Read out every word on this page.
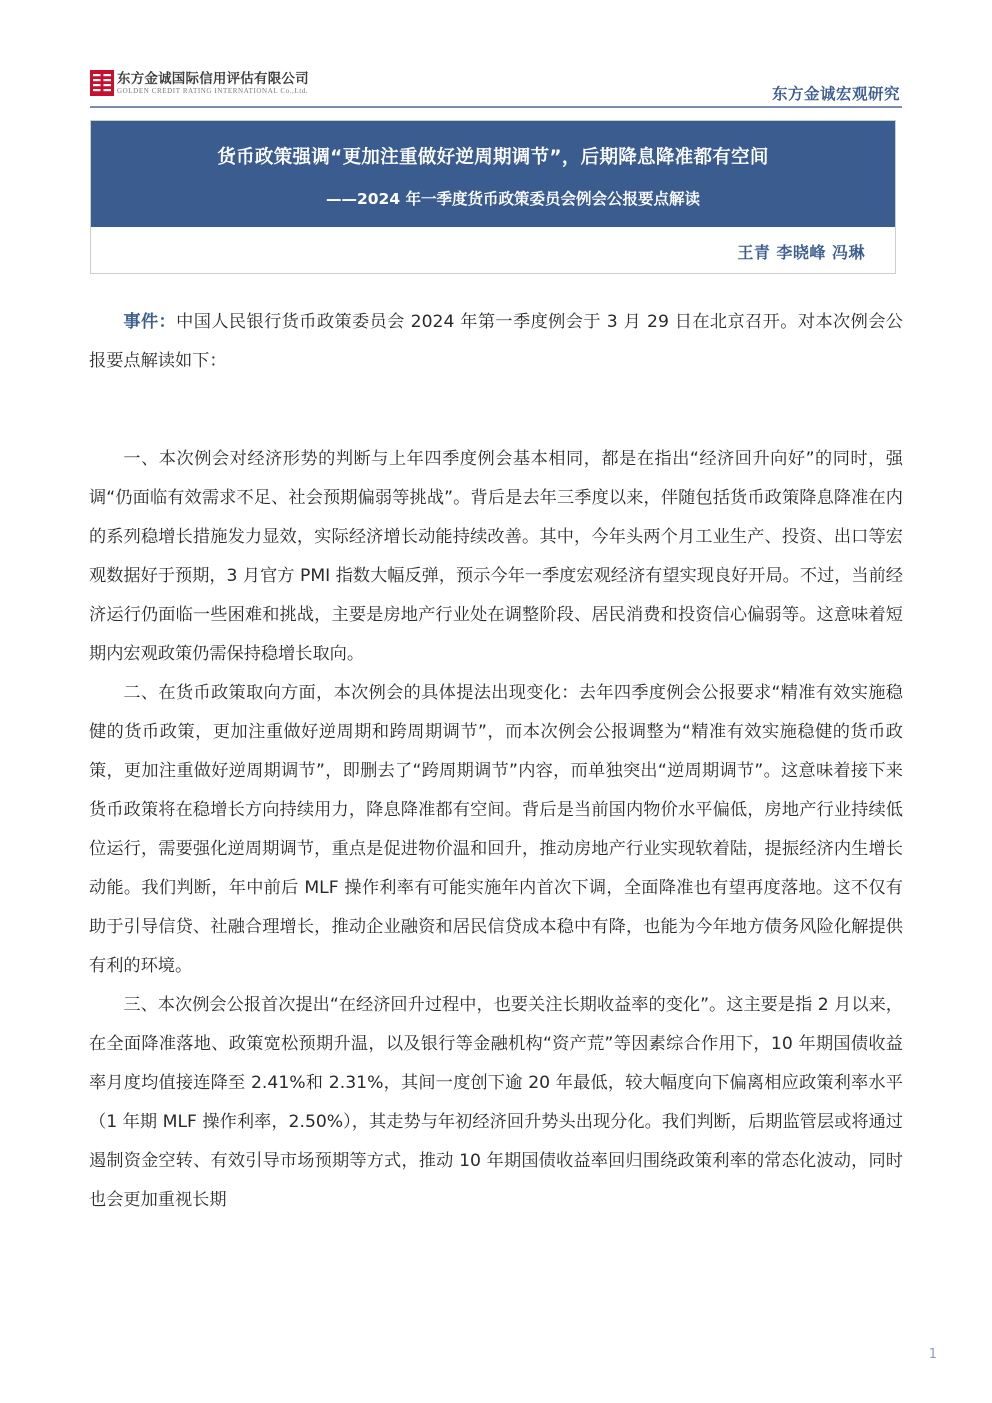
东方金诚国际信用评估有限公司
GOLDEN CREDIT RATING INTERNATIONAL Co.,Ltd.	东方金诚宏观研究
货币政策强调“更加注重做好逆周期调节”，后期降息降准都有空间
——2024 年一季度货币政策委员会例会公报要点解读
王青 李晓峰 冯琳

事件：中国人民银行货币政策委员会 2024 年第一季度例会于 3 月 29 日在北京召开。对本次例会公报要点解读如下：

一、本次例会对经济形势的判断与上年四季度例会基本相同，都是在指出“经济回升向好”的同时，强调“仍面临有效需求不足、社会预期偏弱等挑战”。背后是去年三季度以来，伴随包括货币政策降息降准在内的系列稳增长措施发力显效，实际经济增长动能持续改善。其中，今年头两个月工业生产、投资、出口等宏观数据好于预期，3 月官方 PMI 指数大幅反弹，预示今年一季度宏观经济有望实现良好开局。不过，当前经济运行仍面临一些困难和挑战，主要是房地产行业处在调整阶段、居民消费和投资信心偏弱等。这意味着短期内宏观政策仍需保持稳增长取向。

二、在货币政策取向方面，本次例会的具体提法出现变化：去年四季度例会公报要求“精准有效实施稳健的货币政策，更加注重做好逆周期和跨周期调节”，而本次例会公报调整为“精准有效实施稳健的货币政策，更加注重做好逆周期调节”，即删去了“跨周期调节”内容，而单独突出“逆周期调节”。这意味着接下来货币政策将在稳增长方向持续用力，降息降准都有空间。背后是当前国内物价水平偏低，房地产行业持续低位运行，需要强化逆周期调节，重点是促进物价温和回升，推动房地产行业实现软着陆，提振经济内生增长动能。我们判断，年中前后 MLF 操作利率有可能实施年内首次下调，全面降准也有望再度落地。这不仅有助于引导信贷、社融合理增长，推动企业融资和居民信贷成本稳中有降，也能为今年地方债务风险化解提供有利的环境。

三、本次例会公报首次提出“在经济回升过程中，也要关注长期收益率的变化”。这主要是指 2 月以来，在全面降准落地、政策宽松预期升温，以及银行等金融机构“资产荒”等因素综合作用下，10 年期国债收益率月度均值接连降至 2.41%和 2.31%，其间一度创下逾 20 年最低，较大幅度向下偏离相应政策利率水平（1 年期 MLF 操作利率，2.50%），其走势与年初经济回升势头出现分化。我们判断，后期监管层或将通过遏制资金空转、有效引导市场预期等方式，推动 10 年期国债收益率回归围绕政策利率的常态化波动，同时也会更加重视长期

1
